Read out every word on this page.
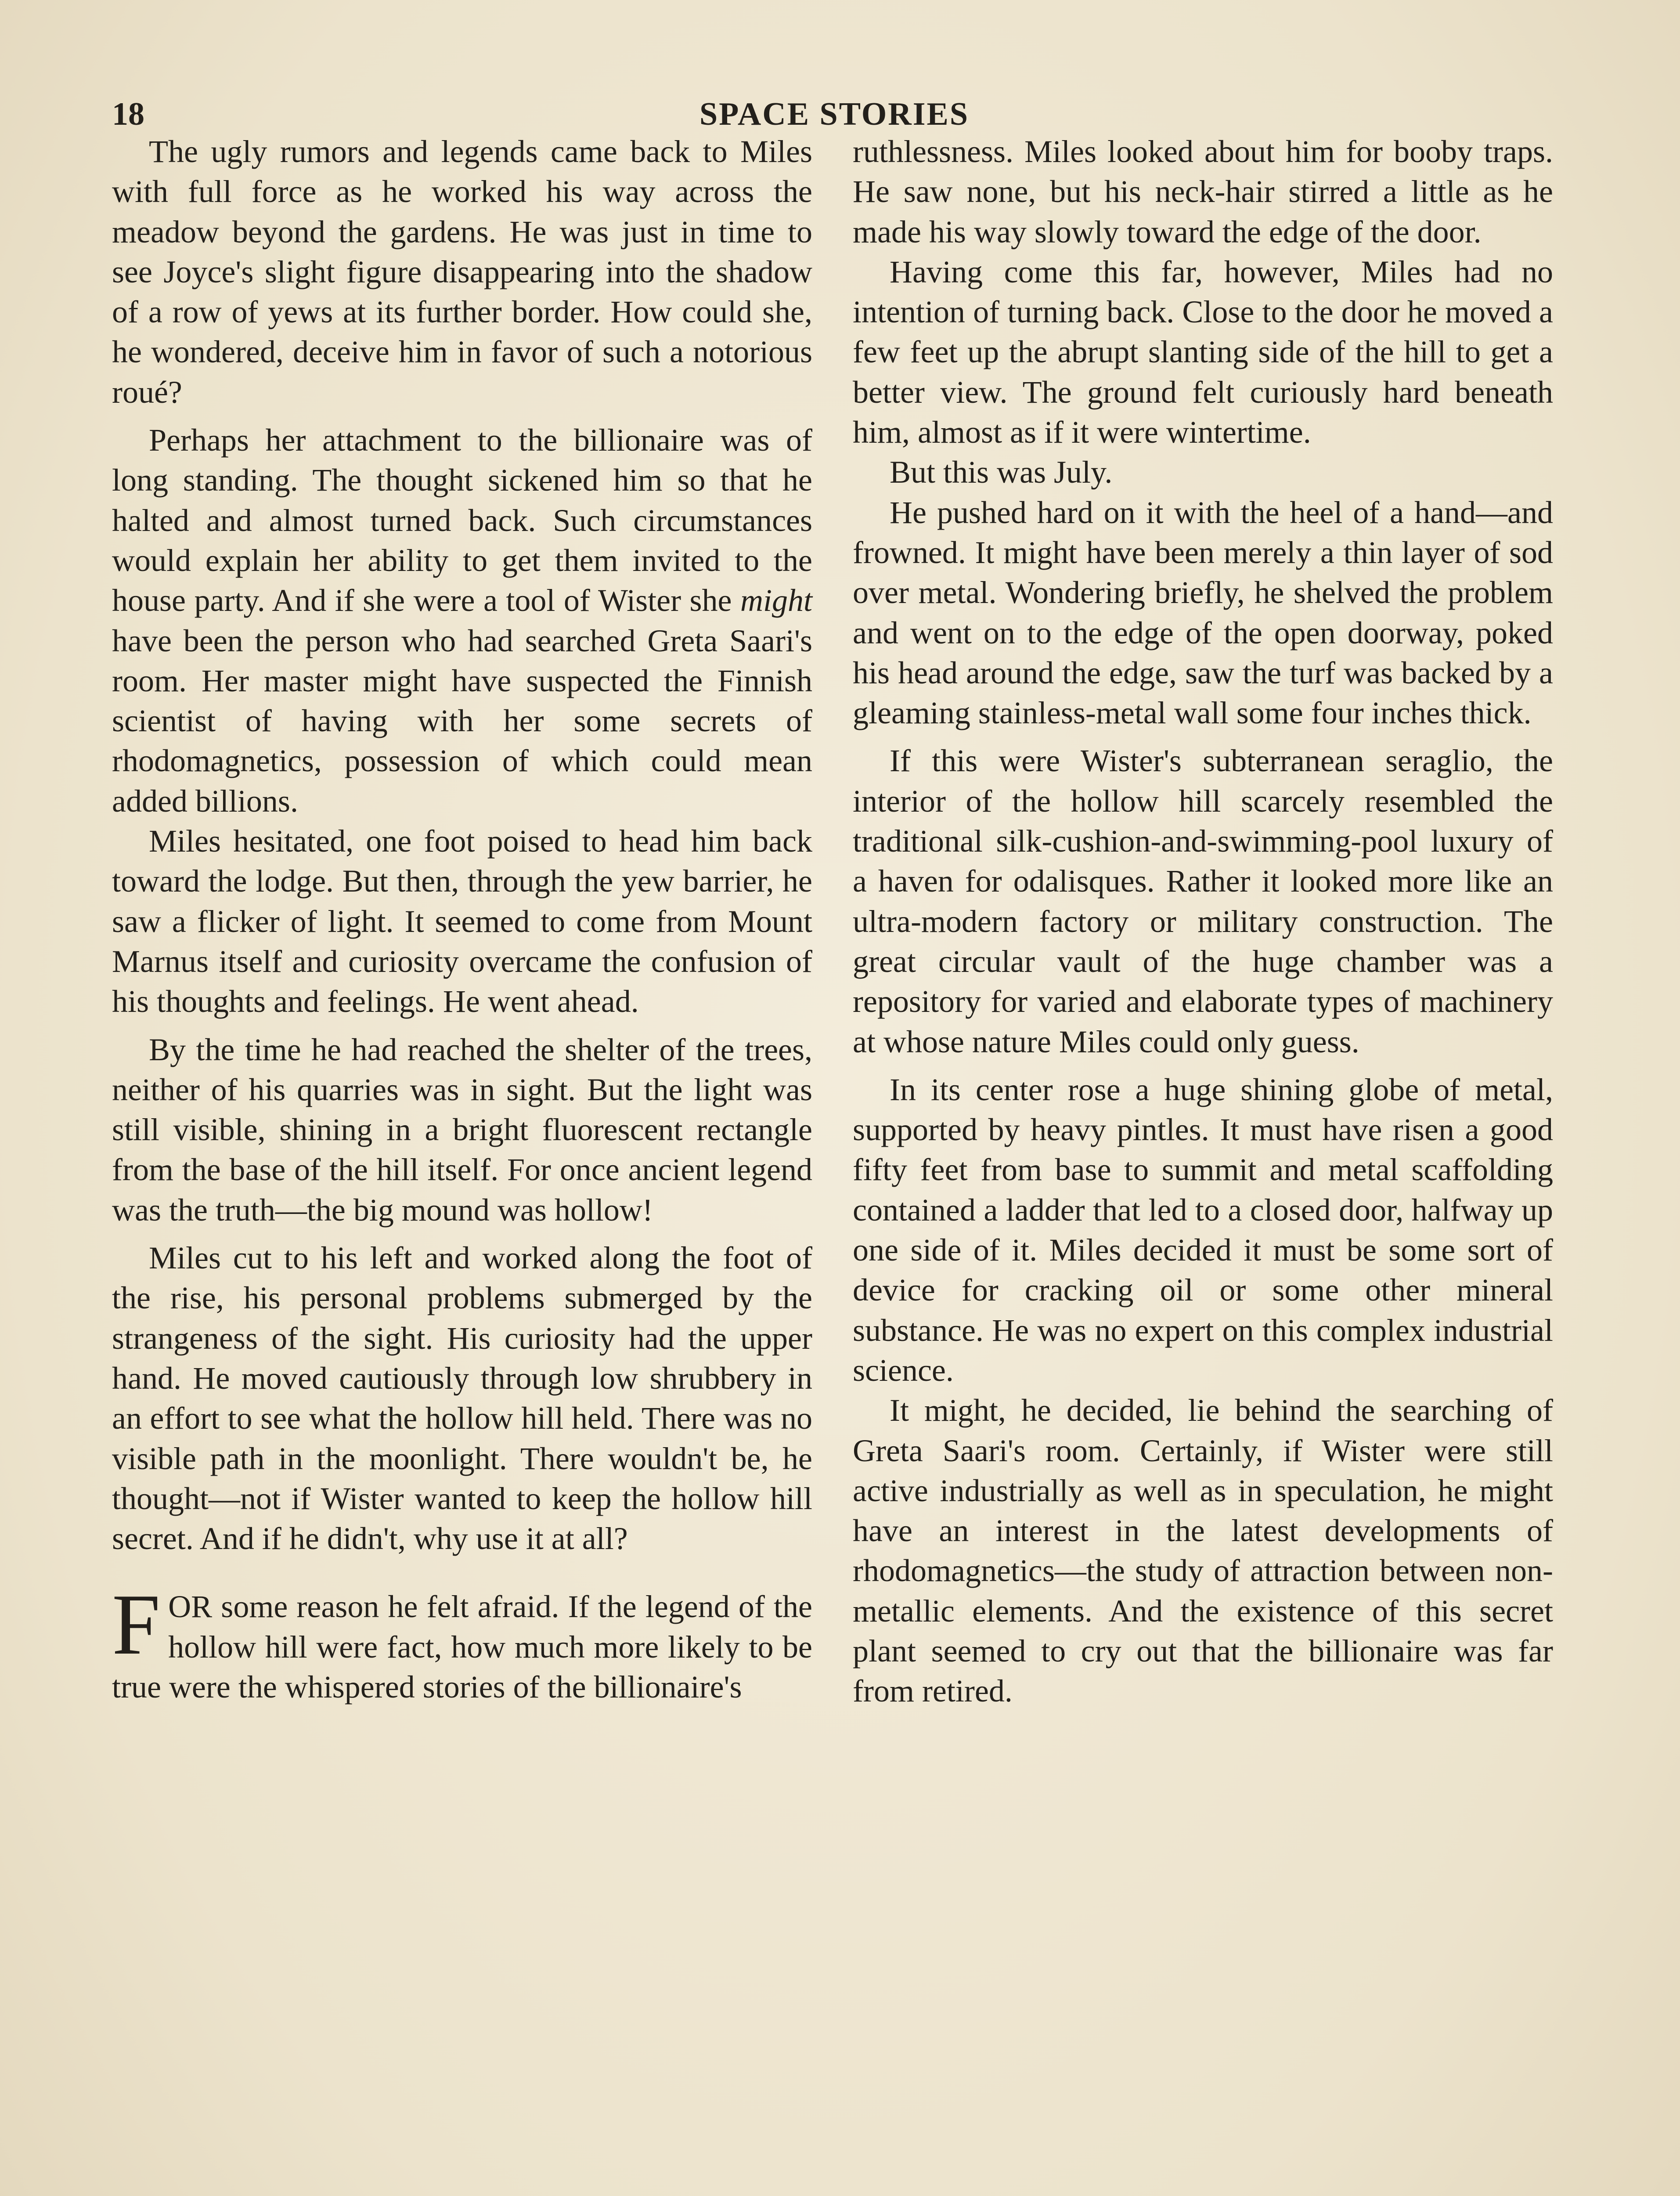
18	SPACE STORIES

The ugly rumors and legends came back to Miles with full force as he worked his way across the meadow beyond the gardens. He was just in time to see Joyce's slight figure disappearing into the shadow of a row of yews at its further border. How could she, he wondered, deceive him in favor of such a notorious roué?

Perhaps her attachment to the billionaire was of long standing. The thought sickened him so that he halted and almost turned back. Such circumstances would explain her ability to get them invited to the house party. And if she were a tool of Wister she might have been the person who had searched Greta Saari's room. Her master might have suspected the Finnish scientist of having with her some secrets of rhodomagnetics, possession of which could mean added billions.

Miles hesitated, one foot poised to head him back toward the lodge. But then, through the yew barrier, he saw a flicker of light. It seemed to come from Mount Marnus itself and curiosity overcame the confusion of his thoughts and feelings. He went ahead.

By the time he had reached the shelter of the trees, neither of his quarries was in sight. But the light was still visible, shining in a bright fluorescent rectangle from the base of the hill itself. For once ancient legend was the truth—the big mound was hollow!

Miles cut to his left and worked along the foot of the rise, his personal problems submerged by the strangeness of the sight. His curiosity had the upper hand. He moved cautiously through low shrubbery in an effort to see what the hollow hill held. There was no visible path in the moonlight. There wouldn't be, he thought—not if Wister wanted to keep the hollow hill secret. And if he didn't, why use it at all?

FOR some reason he felt afraid. If the legend of the hollow hill were fact, how much more likely to be true were the whispered stories of the billionaire's

ruthlessness. Miles looked about him for booby traps. He saw none, but his neck-hair stirred a little as he made his way slowly toward the edge of the door.

Having come this far, however, Miles had no intention of turning back. Close to the door he moved a few feet up the abrupt slanting side of the hill to get a better view. The ground felt curiously hard beneath him, almost as if it were wintertime.

But this was July.

He pushed hard on it with the heel of a hand—and frowned. It might have been merely a thin layer of sod over metal. Wondering briefly, he shelved the problem and went on to the edge of the open doorway, poked his head around the edge, saw the turf was backed by a gleaming stainless-metal wall some four inches thick.

If this were Wister's subterranean seraglio, the interior of the hollow hill scarcely resembled the traditional silk-cushion-and-swimming-pool luxury of a haven for odalisques. Rather it looked more like an ultra-modern factory or military construction. The great circular vault of the huge chamber was a repository for varied and elaborate types of machinery at whose nature Miles could only guess.

In its center rose a huge shining globe of metal, supported by heavy pintles. It must have risen a good fifty feet from base to summit and metal scaffolding contained a ladder that led to a closed door, halfway up one side of it. Miles decided it must be some sort of device for cracking oil or some other mineral substance. He was no expert on this complex industrial science.

It might, he decided, lie behind the searching of Greta Saari's room. Certainly, if Wister were still active industrially as well as in speculation, he might have an interest in the latest developments of rhodomagnetics—the study of attraction between non-metallic elements. And the existence of this secret plant seemed to cry out that the billionaire was far from retired.
